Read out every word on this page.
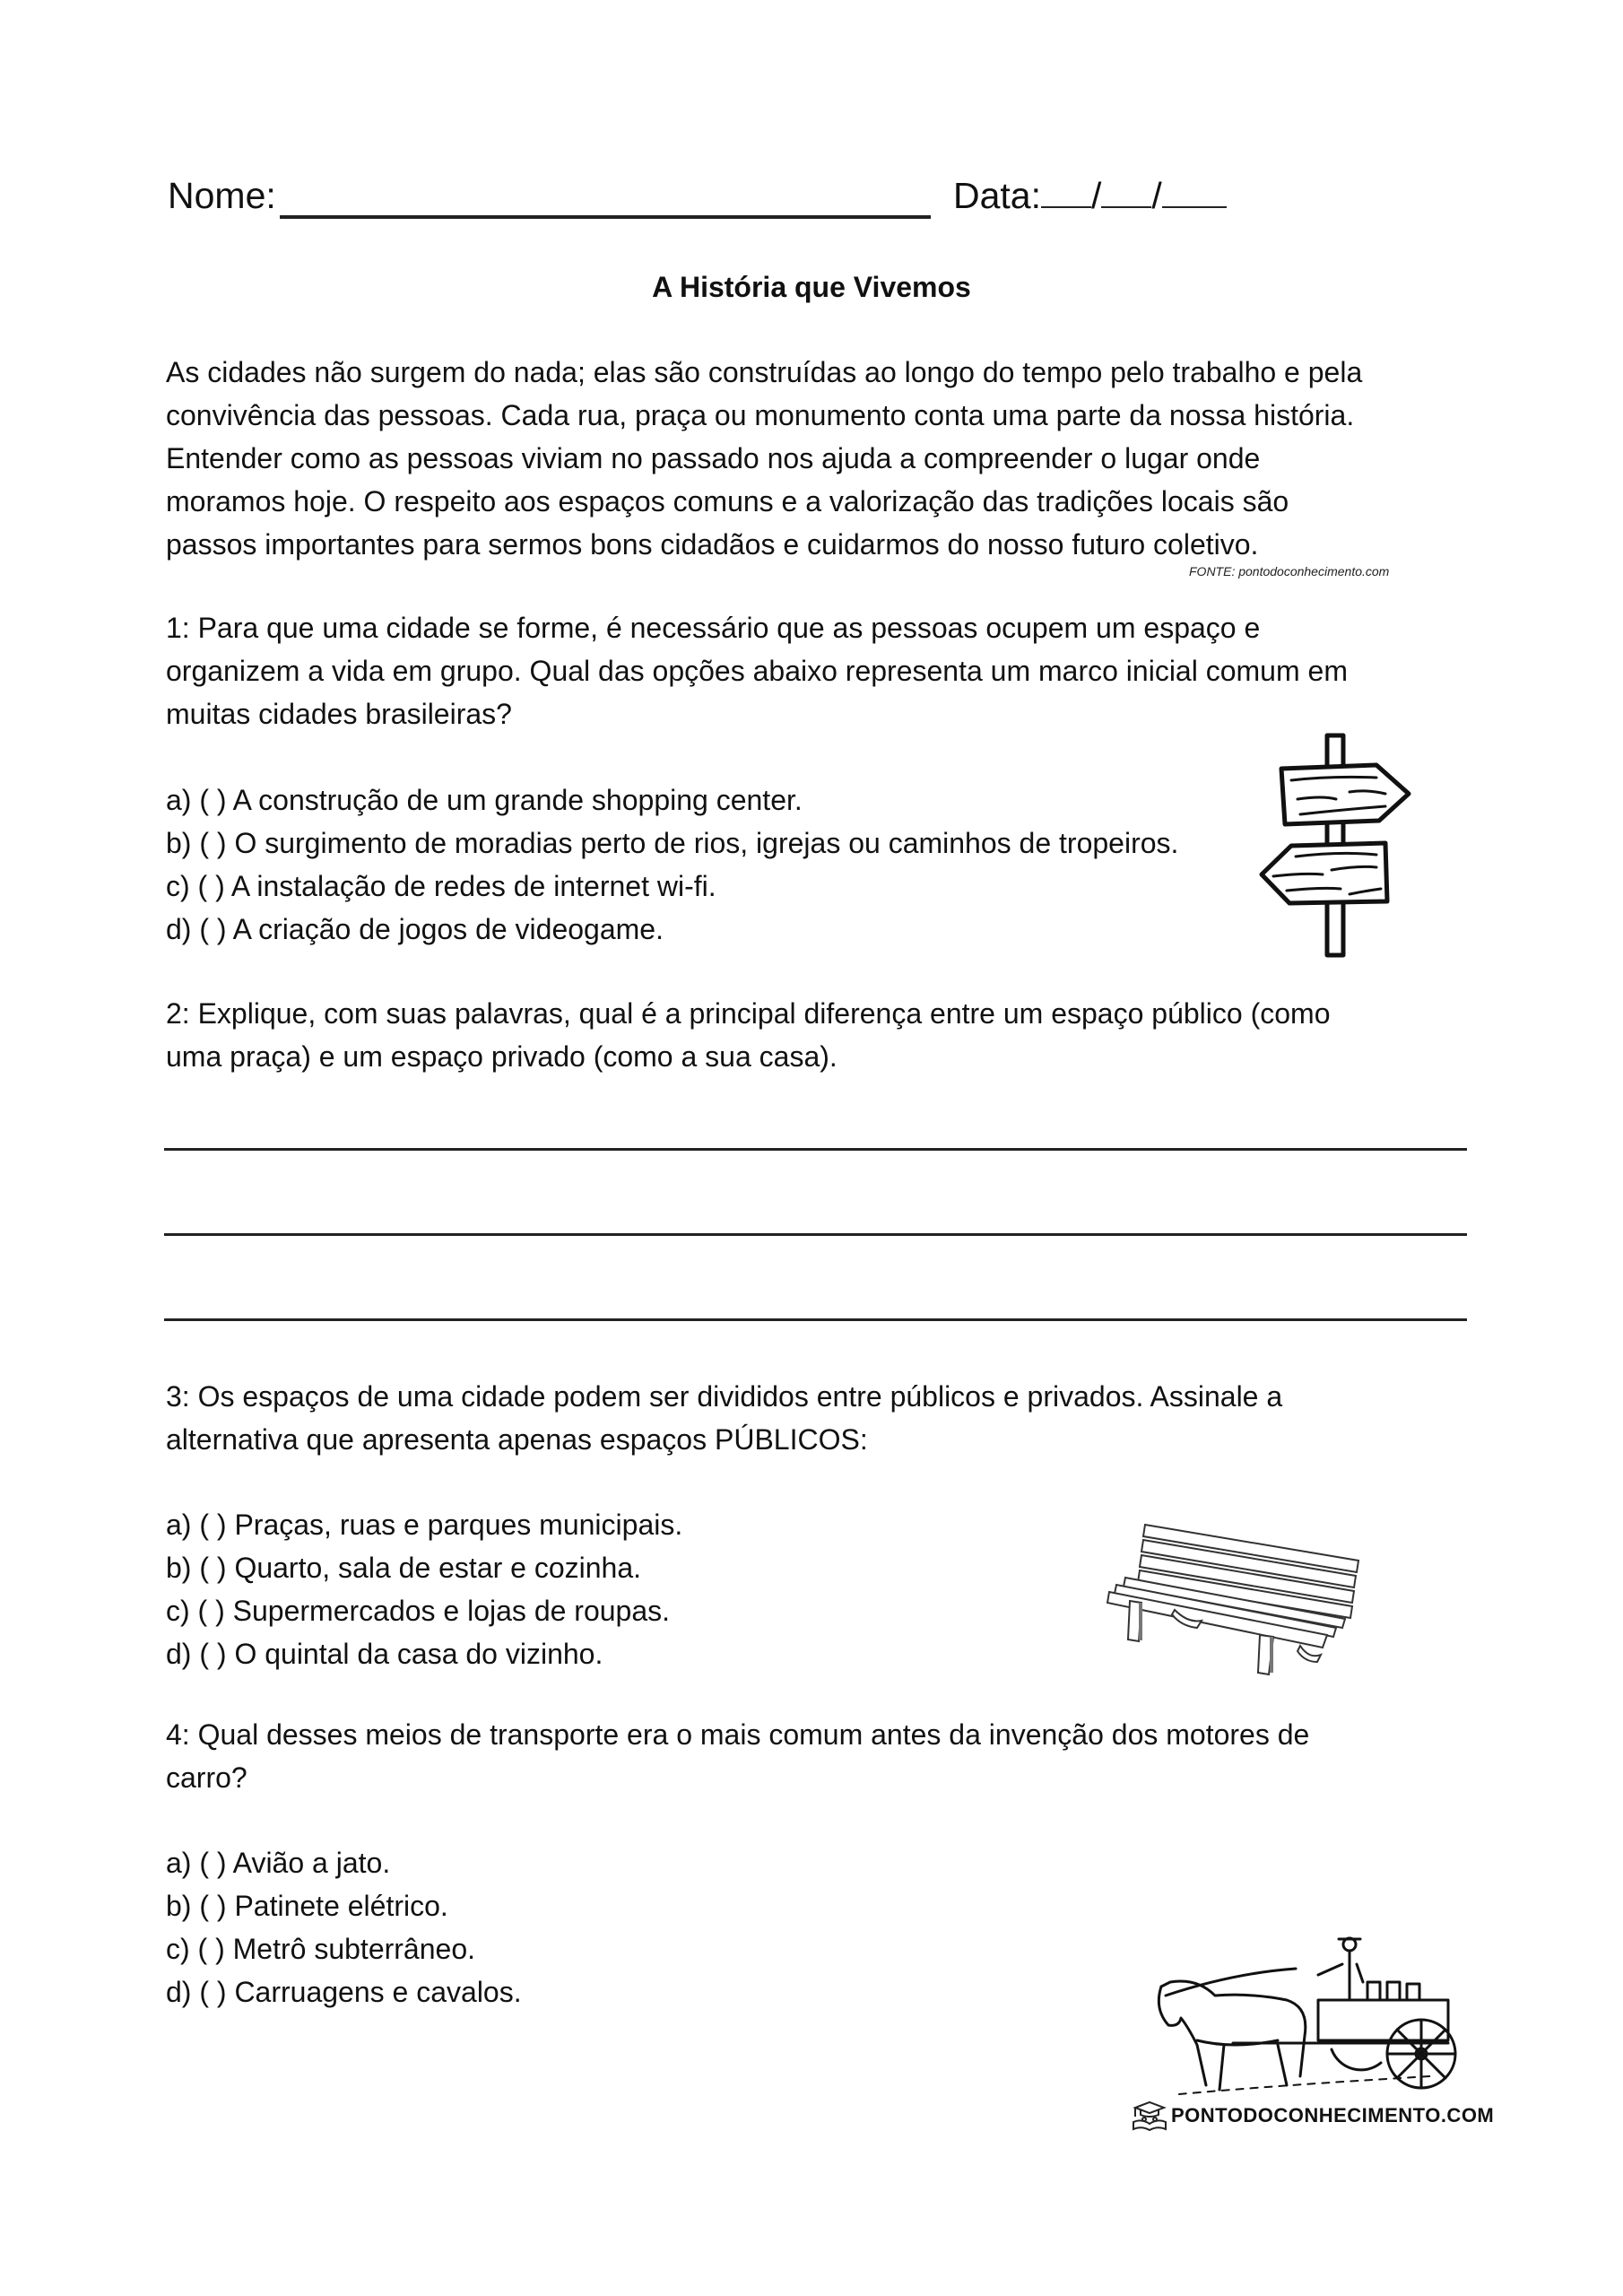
Nome:	Data: / /
A História que Vivemos
As cidades não surgem do nada; elas são construídas ao longo do tempo pelo trabalho e pela
convivência das pessoas. Cada rua, praça ou monumento conta uma parte da nossa história.
Entender como as pessoas viviam no passado nos ajuda a compreender o lugar onde
moramos hoje. O respeito aos espaços comuns e a valorização das tradições locais são
passos importantes para sermos bons cidadãos e cuidarmos do nosso futuro coletivo.
FONTE: pontodoconhecimento.com
1: Para que uma cidade se forme, é necessário que as pessoas ocupem um espaço e
organizem a vida em grupo. Qual das opções abaixo representa um marco inicial comum em
muitas cidades brasileiras?
a) ( ) A construção de um grande shopping center.
b) ( ) O surgimento de moradias perto de rios, igrejas ou caminhos de tropeiros.
c) ( ) A instalação de redes de internet wi-fi.
d) ( ) A criação de jogos de videogame.
2: Explique, com suas palavras, qual é a principal diferença entre um espaço público (como
uma praça) e um espaço privado (como a sua casa).
3: Os espaços de uma cidade podem ser divididos entre públicos e privados. Assinale a
alternativa que apresenta apenas espaços PÚBLICOS:
a) ( ) Praças, ruas e parques municipais.
b) ( ) Quarto, sala de estar e cozinha.
c) ( ) Supermercados e lojas de roupas.
d) ( ) O quintal da casa do vizinho.
4: Qual desses meios de transporte era o mais comum antes da invenção dos motores de
carro?
a) ( ) Avião a jato.
b) ( ) Patinete elétrico.
c) ( ) Metrô subterrâneo.
d) ( ) Carruagens e cavalos.
PONTODOCONHECIMENTO.COM
